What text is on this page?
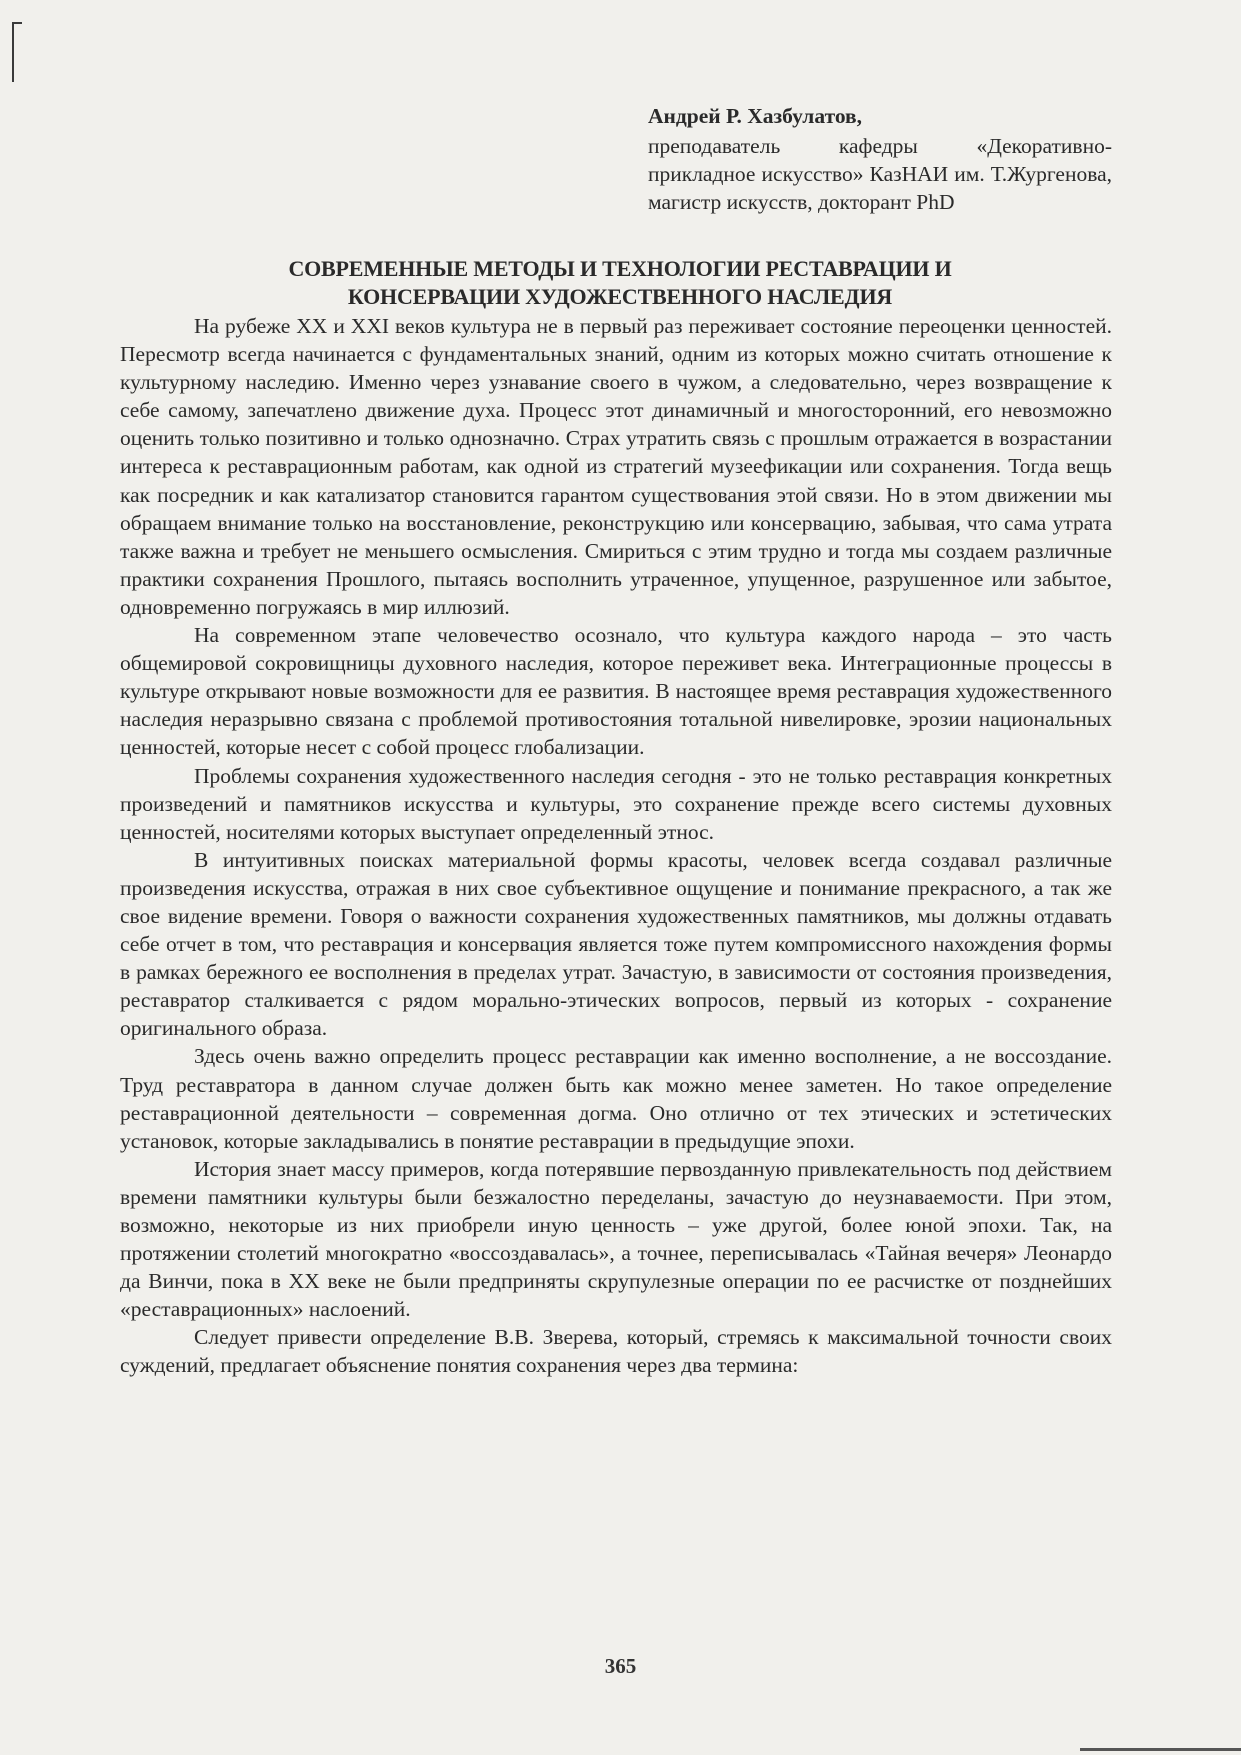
Андрей Р. Хазбулатов,
преподаватель кафедры «Декоративно-прикладное искусство» КазНАИ им. Т.Жургенова, магистр искусств, докторант PhD
СОВРЕМЕННЫЕ МЕТОДЫ И ТЕХНОЛОГИИ РЕСТАВРАЦИИ И
КОНСЕРВАЦИИ ХУДОЖЕСТВЕННОГО НАСЛЕДИЯ

На рубеже XX и XXI веков культура не в первый раз переживает состояние переоценки ценностей. Пересмотр всегда начинается с фундаментальных знаний, одним из которых можно считать отношение к культурному наследию. Именно через узнавание своего в чужом, а следовательно, через возвращение к себе самому, запечатлено движение духа. Процесс этот динамичный и многосторонний, его невозможно оценить только позитивно и только однозначно. Страх утратить связь с прошлым отражается в возрастании интереса к реставрационным работам, как одной из стратегий музеефикации или сохранения. Тогда вещь как посредник и как катализатор становится гарантом существования этой связи. Но в этом движении мы обращаем внимание только на восстановление, реконструкцию или консервацию, забывая, что сама утрата также важна и требует не меньшего осмысления. Смириться с этим трудно и тогда мы создаем различные практики сохранения Прошлого, пытаясь восполнить утраченное, упущенное, разрушенное или забытое, одновременно погружаясь в мир иллюзий.

На современном этапе человечество осознало, что культура каждого народа – это часть общемировой сокровищницы духовного наследия, которое переживет века. Интеграционные процессы в культуре открывают новые возможности для ее развития. В настоящее время реставрация художественного наследия неразрывно связана с проблемой противостояния тотальной нивелировке, эрозии национальных ценностей, которые несет с собой процесс глобализации.

Проблемы сохранения художественного наследия сегодня - это не только реставрация конкретных произведений и памятников искусства и культуры, это сохранение прежде всего системы духовных ценностей, носителями которых выступает определенный этнос.

В интуитивных поисках материальной формы красоты, человек всегда создавал различные произведения искусства, отражая в них свое субъективное ощущение и понимание прекрасного, а так же свое видение времени. Говоря о важности сохранения художественных памятников, мы должны отдавать себе отчет в том, что реставрация и консервация является тоже путем компромиссного нахождения формы в рамках бережного ее восполнения в пределах утрат. Зачастую, в зависимости от состояния произведения, реставратор сталкивается с рядом морально-этических вопросов, первый из которых - сохранение оригинального образа.

Здесь очень важно определить процесс реставрации как именно восполнение, а не воссоздание. Труд реставратора в данном случае должен быть как можно менее заметен. Но такое определение реставрационной деятельности – современная догма. Оно отлично от тех этических и эстетических установок, которые закладывались в понятие реставрации в предыдущие эпохи.

История знает массу примеров, когда потерявшие первозданную привлекательность под действием времени памятники культуры были безжалостно переделаны, зачастую до неузнаваемости. При этом, возможно, некоторые из них приобрели иную ценность – уже другой, более юной эпохи. Так, на протяжении столетий многократно «воссоздавалась», а точнее, переписывалась «Тайная вечеря» Леонардо да Винчи, пока в XX веке не были предприняты скрупулезные операции по ее расчистке от позднейших «реставрационных» наслоений.

Следует привести определение В.В. Зверева, который, стремясь к максимальной точности своих суждений, предлагает объяснение понятия сохранения через два термина:

365
